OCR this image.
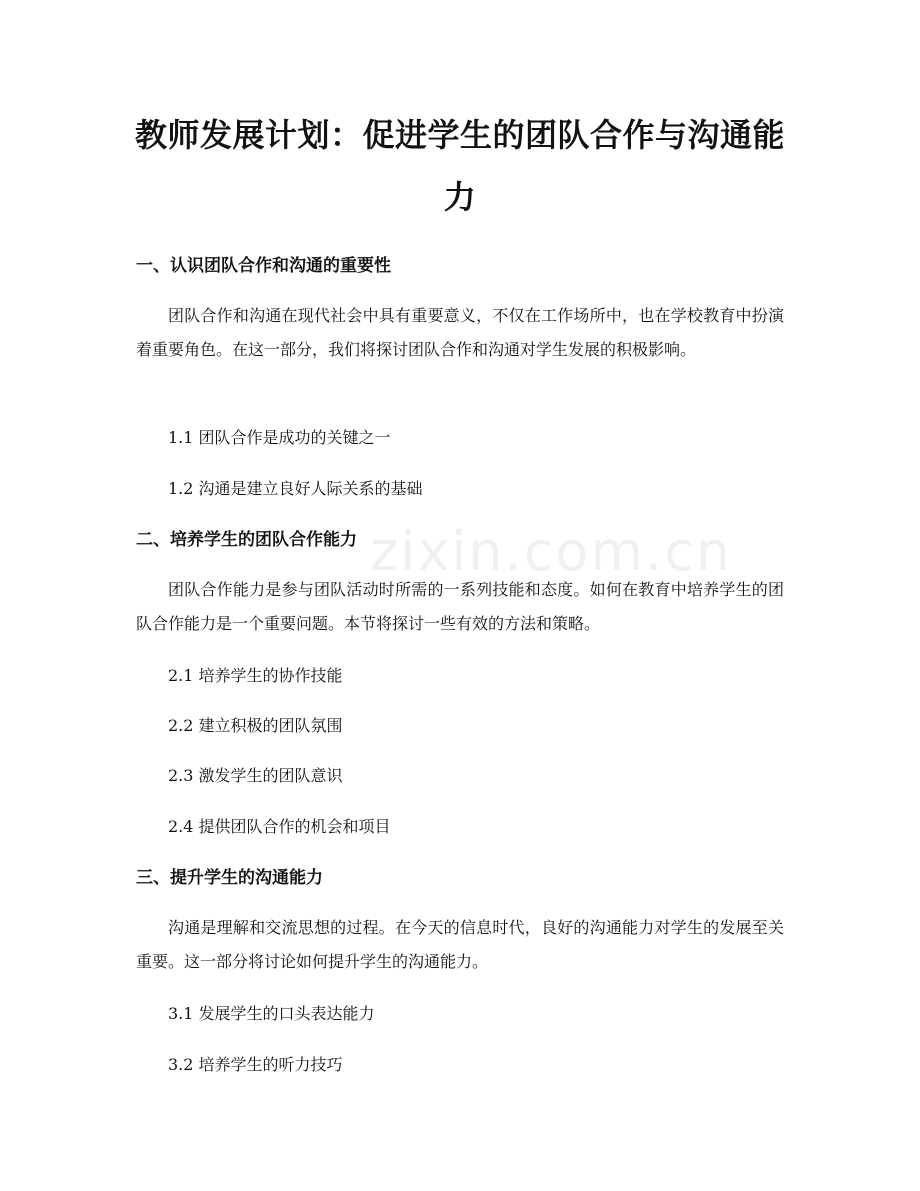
zixin.com.cn
教师发展计划：促进学生的团队合作与沟通能力
一、认识团队合作和沟通的重要性

团队合作和沟通在现代社会中具有重要意义，不仅在工作场所中，也在学校教育中扮演着重要角色。在这一部分，我们将探讨团队合作和沟通对学生发展的积极影响。

1.1 团队合作是成功的关键之一

1.2 沟通是建立良好人际关系的基础

二、培养学生的团队合作能力

团队合作能力是参与团队活动时所需的一系列技能和态度。如何在教育中培养学生的团队合作能力是一个重要问题。本节将探讨一些有效的方法和策略。

2.1 培养学生的协作技能

2.2 建立积极的团队氛围

2.3 激发学生的团队意识

2.4 提供团队合作的机会和项目

三、提升学生的沟通能力

沟通是理解和交流思想的过程。在今天的信息时代，良好的沟通能力对学生的发展至关重要。这一部分将讨论如何提升学生的沟通能力。

3.1 发展学生的口头表达能力

3.2 培养学生的听力技巧
